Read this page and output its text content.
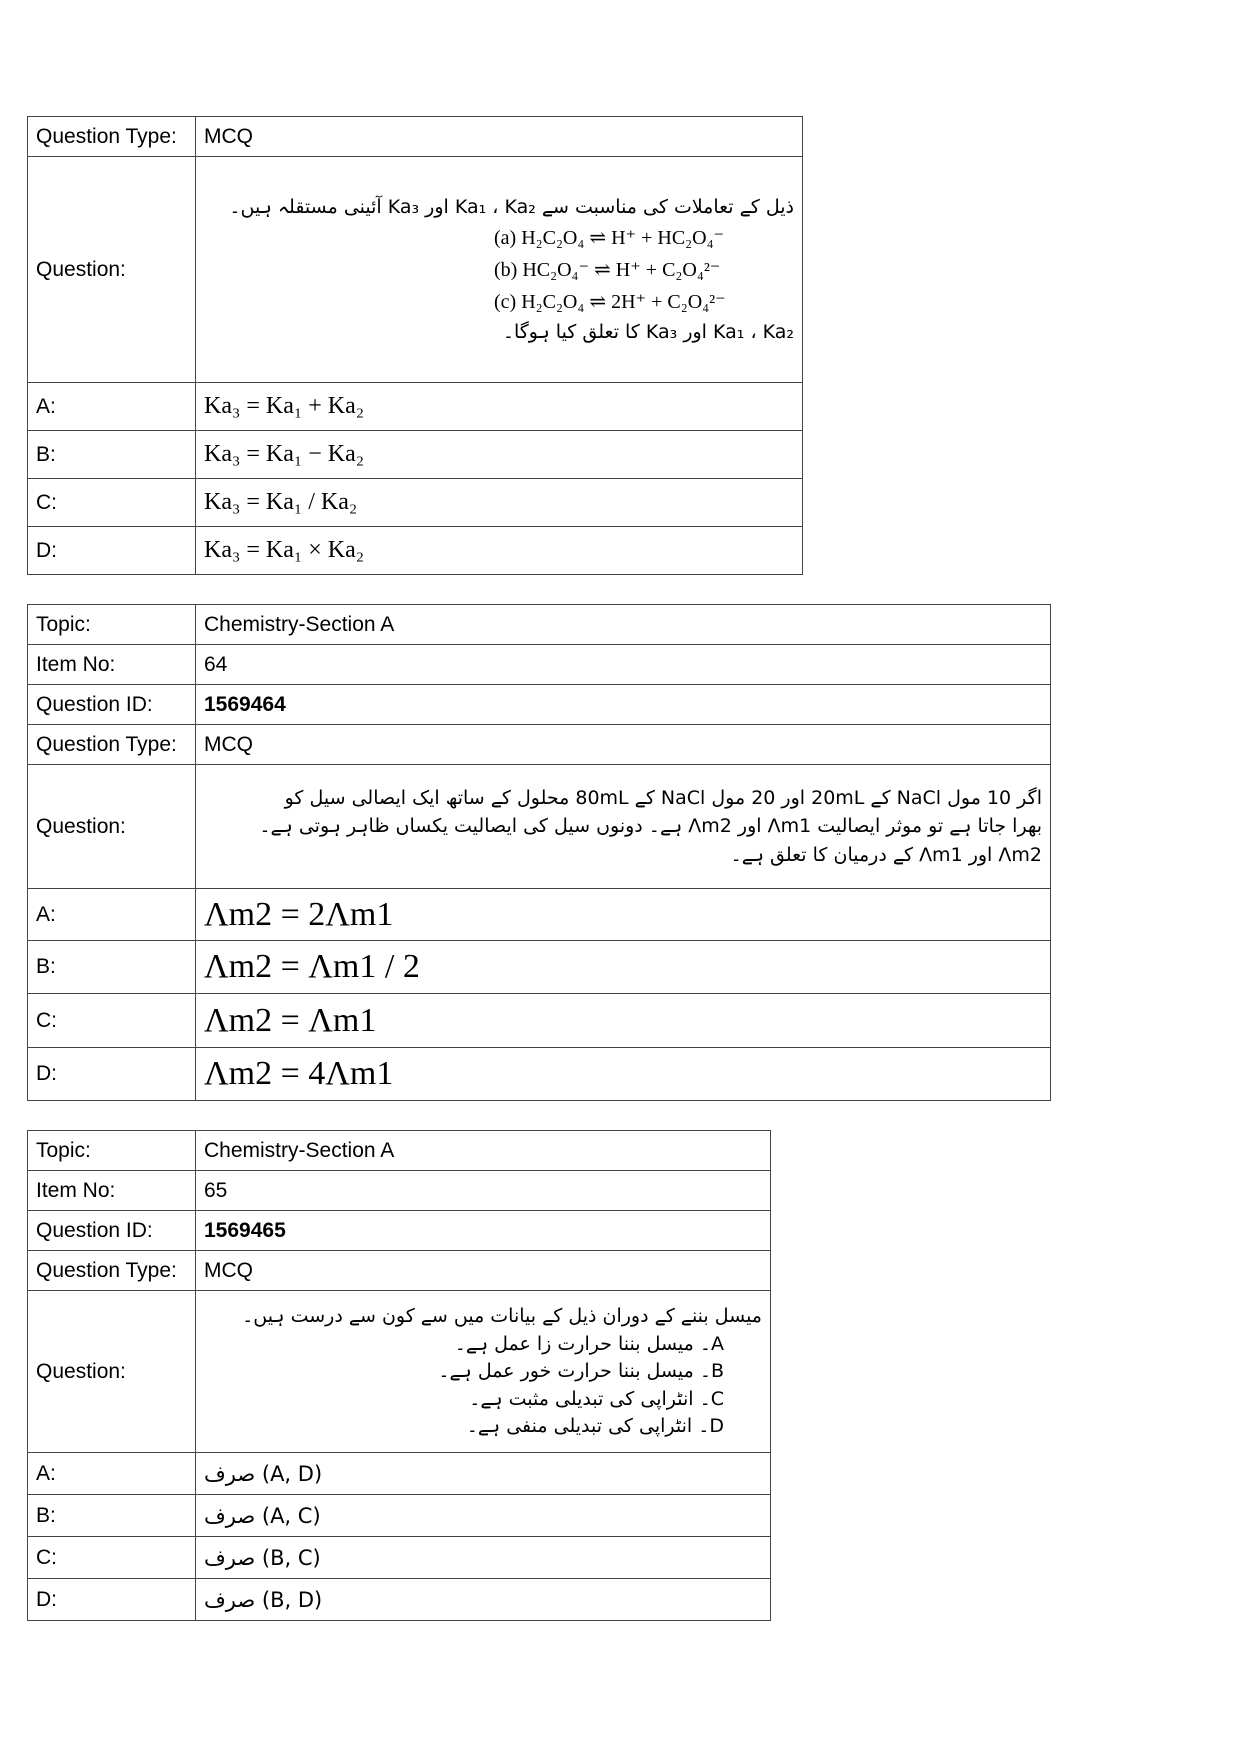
Question Type:	MCQ
Question:	ذیل کے تعاملات کی مناسبت سے Ka₁ ، Ka₂ اور Ka₃ آئینی مستقلہ ہیں۔
(a) H₂C₂O₄ ⇌ H⁺ + HC₂O₄⁻
(b) HC₂O₄⁻ ⇌ H⁺ + C₂O₄²⁻
(c) H₂C₂O₄ ⇌ 2H⁺ + C₂O₄²⁻
Ka₁ ، Ka₂ اور Ka₃ کا تعلق کیا ہوگا۔

A:	Ka₃ = Ka₁ + Ka₂
B:	Ka₃ = Ka₁ − Ka₂
C:	Ka₃ = Ka₁ / Ka₂
D:	Ka₃ = Ka₁ × Ka₂
Topic:	Chemistry-Section A
Item No:	64
Question ID:	1569464
Question Type:	MCQ
Question:	اگر 10 مول NaCl کے 20mL اور 20 مول NaCl کے 80mL محلول کے ساتھ ایک ایصالی سیل کو
بھرا جاتا ہے تو موثر ایصالیت Λm1 اور Λm2 ہے۔ دونوں سیل کی ایصالیت یکساں ظاہر ہوتی ہے۔
Λm2 اور Λm1 کے درمیان کا تعلق ہے۔

A:	Λm2 = 2Λm1
B:	Λm2 = Λm1 / 2
C:	Λm2 = Λm1
D:	Λm2 = 4Λm1
Topic:	Chemistry-Section A
Item No:	65
Question ID:	1569465
Question Type:	MCQ
Question:	میسل بننے کے دوران ذیل کے بیانات میں سے کون سے درست ہیں۔
A۔ میسل بننا حرارت زا عمل ہے۔
B۔ میسل بننا حرارت خور عمل ہے۔
C۔ انٹراپی کی تبدیلی مثبت ہے۔
D۔ انٹراپی کی تبدیلی منفی ہے۔

A:	(A, D) صرف
B:	(A, C) صرف
C:	(B, C) صرف
D:	(B, D) صرف
